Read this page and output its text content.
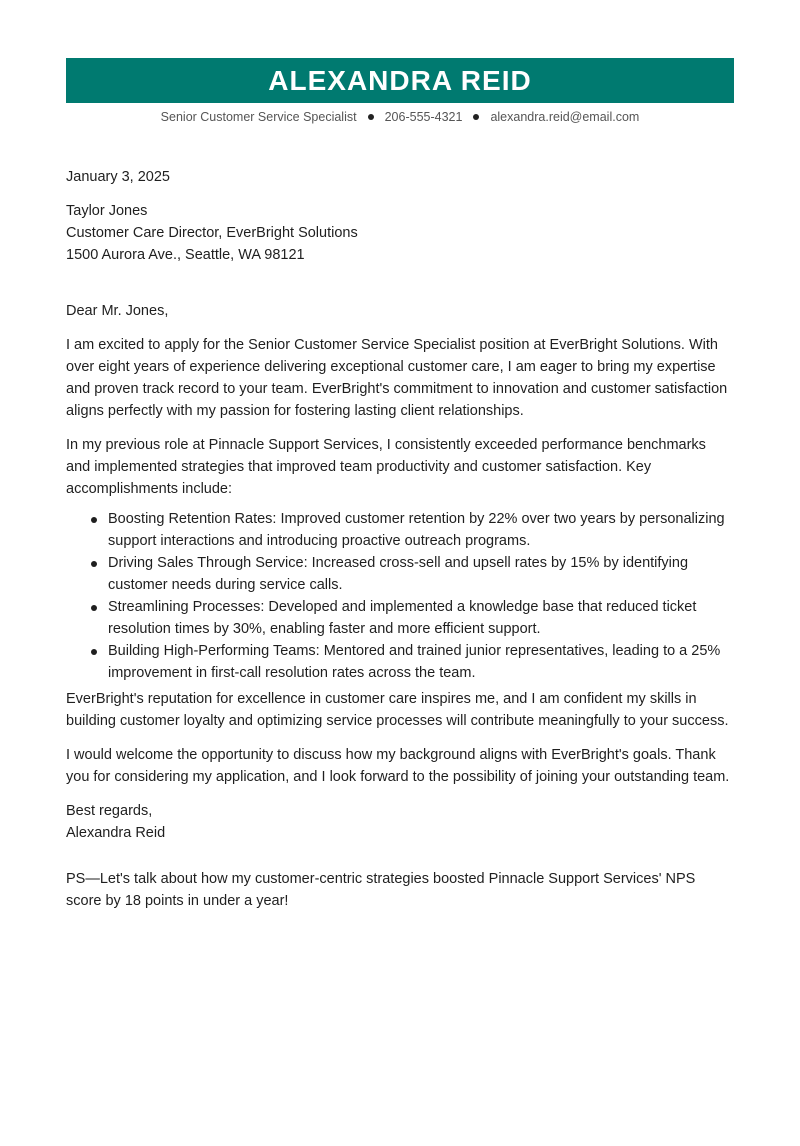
ALEXANDRA REID
Senior Customer Service Specialist 206-555-4321 alexandra.reid@email.com

January 3, 2025

Taylor Jones

Customer Care Director, EverBright Solutions

1500 Aurora Ave., Seattle, WA 98121

Dear Mr. Jones,

I am excited to apply for the Senior Customer Service Specialist position at EverBright Solutions. With over eight years of experience delivering exceptional customer care, I am eager to bring my expertise and proven track record to your team. EverBright's commitment to innovation and customer satisfaction aligns perfectly with my passion for fostering lasting client relationships.

In my previous role at Pinnacle Support Services, I consistently exceeded performance benchmarks and implemented strategies that improved team productivity and customer satisfaction. Key accomplishments include:

Boosting Retention Rates: Improved customer retention by 22% over two years by personalizing support interactions and introducing proactive outreach programs.
Driving Sales Through Service: Increased cross-sell and upsell rates by 15% by identifying customer needs during service calls.
Streamlining Processes: Developed and implemented a knowledge base that reduced ticket resolution times by 30%, enabling faster and more efficient support.
Building High-Performing Teams: Mentored and trained junior representatives, leading to a 25% improvement in first-call resolution rates across the team.

EverBright's reputation for excellence in customer care inspires me, and I am confident my skills in building customer loyalty and optimizing service processes will contribute meaningfully to your success.

I would welcome the opportunity to discuss how my background aligns with EverBright's goals. Thank you for considering my application, and I look forward to the possibility of joining your outstanding team.

Best regards,

Alexandra Reid

PS—Let's talk about how my customer-centric strategies boosted Pinnacle Support Services' NPS score by 18 points in under a year!
